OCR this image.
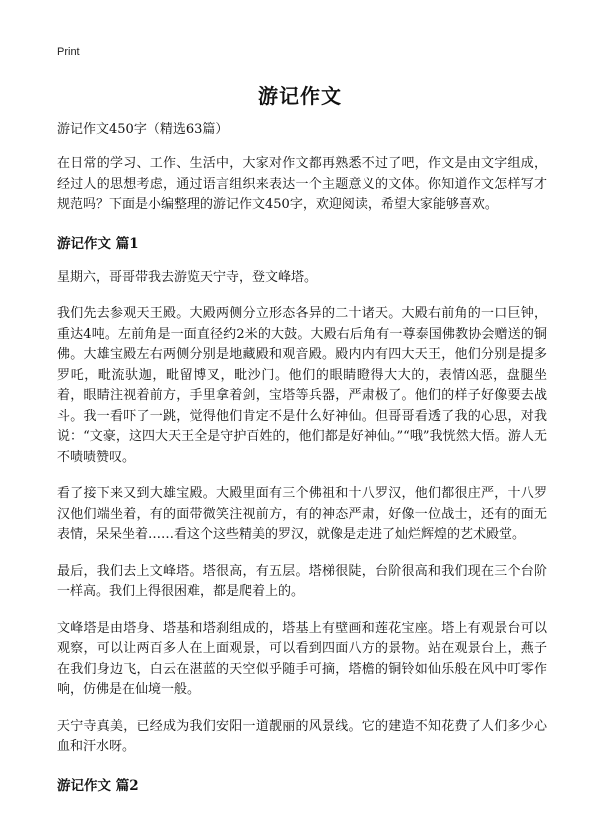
Print
游记作文
游记作文450字（精选63篇）

在日常的学习、工作、生活中，大家对作文都再熟悉不过了吧，作文是由文字组成，经过人的思想考虑，通过语言组织来表达一个主题意义的文体。你知道作文怎样写才规范吗？下面是小编整理的游记作文450字，欢迎阅读，希望大家能够喜欢。

游记作文 篇1

星期六，哥哥带我去游览天宁寺，登文峰塔。

我们先去参观天王殿。大殿两侧分立形态各异的二十诸天。大殿右前角的一口巨钟，重达4吨。左前角是一面直径约2米的大鼓。大殿右后角有一尊泰国佛教协会赠送的铜佛。大雄宝殿左右两侧分别是地藏殿和观音殿。殿内内有四大天王，他们分别是提多罗吒，毗流驮迦，毗留博叉，毗沙门。他们的眼睛瞪得大大的，表情凶恶，盘腿坐着，眼睛注视着前方，手里拿着剑，宝塔等兵器，严肃极了。他们的样子好像要去战斗。我一看吓了一跳，觉得他们肯定不是什么好神仙。但哥哥看透了我的心思，对我说：“文豪，这四大天王全是守护百姓的，他们都是好神仙。”“哦”我恍然大悟。游人无不啧啧赞叹。

看了接下来又到大雄宝殿。大殿里面有三个佛祖和十八罗汉，他们都很庄严，十八罗汉他们端坐着，有的面带微笑注视前方，有的神态严肃，好像一位战士，还有的面无表情，呆呆坐着……看这个这些精美的罗汉，就像是走进了灿烂辉煌的艺术殿堂。

最后，我们去上文峰塔。塔很高，有五层。塔梯很陡，台阶很高和我们现在三个台阶一样高。我们上得很困难，都是爬着上的。

文峰塔是由塔身、塔基和塔刹组成的，塔基上有壁画和莲花宝座。塔上有观景台可以观察，可以让两百多人在上面观景，可以看到四面八方的景物。站在观景台上，燕子在我们身边飞，白云在湛蓝的天空似乎随手可摘，塔檐的铜铃如仙乐般在风中叮零作响，仿佛是在仙境一般。

天宁寺真美，已经成为我们安阳一道靓丽的风景线。它的建造不知花费了人们多少心血和汗水呀。

游记作文 篇2
